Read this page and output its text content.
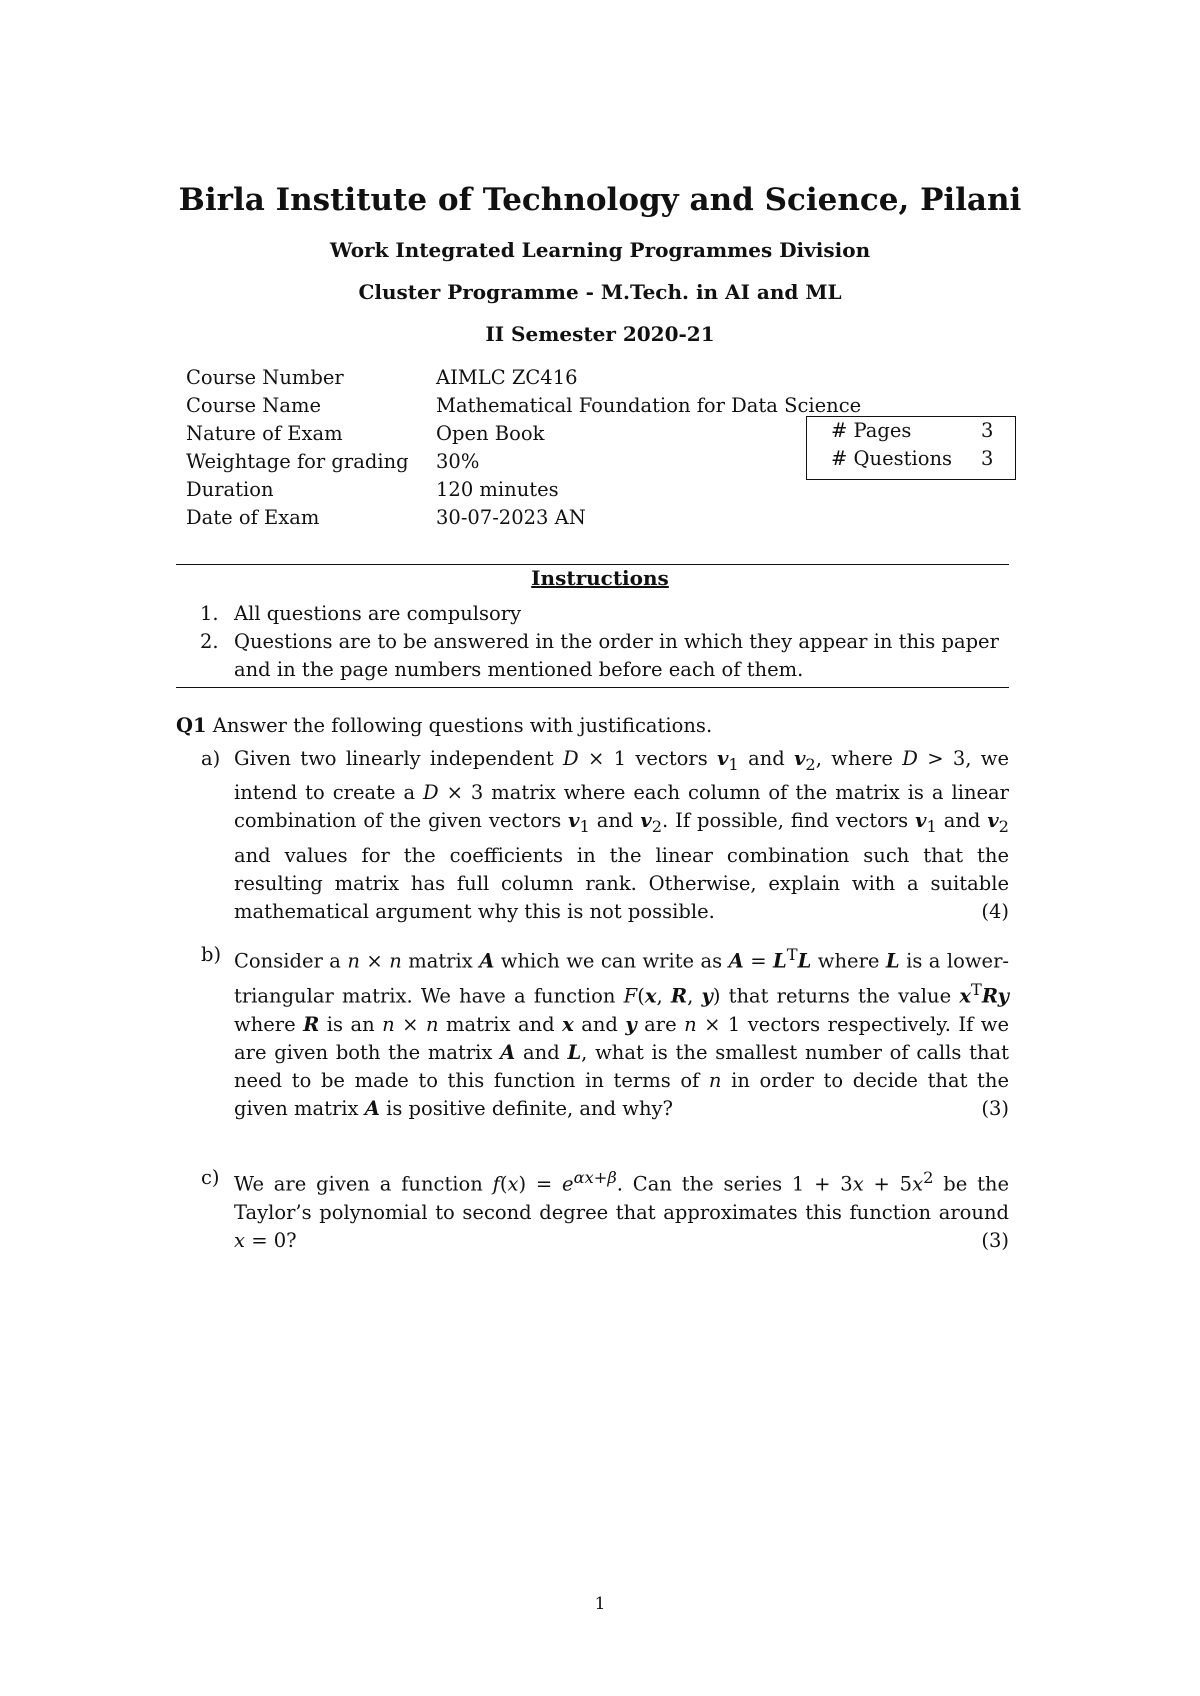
Birla Institute of Technology and Science, Pilani
Work Integrated Learning Programmes Division
Cluster Programme - M.Tech. in AI and ML
II Semester 2020-21
Course Number	AIMLC ZC416
Course Name	Mathematical Foundation for Data Science
Nature of Exam	Open Book
Weightage for grading	30%
Duration	120 minutes
Date of Exam	30-07-2023 AN
# Pages	3
# Questions	3
Instructions
1. All questions are compulsory
2. Questions are to be answered in the order in which they appear in this paper and in the page numbers mentioned before each of them.
Q1 Answer the following questions with justifications.
a) Given two linearly independent D × 1 vectors $v_1$ and $v_2$, where D > 3, we intend to create a D × 3 matrix where each column of the matrix is a linear combination of the given vectors $v_1$ and $v_2$. If possible, find vectors $v_1$ and $v_2$ and values for the coefficients in the linear combination such that the resulting matrix has full column rank. Otherwise, explain with a suitable mathematical argument why this is not possible.	(4)
b) Consider a n × n matrix A which we can write as $A = L^TL$ where L is a lower-triangular matrix. We have a function F(x, R, y) that returns the value $x^TRy$ where R is an n × n matrix and x and y are n × 1 vectors respectively. If we are given both the matrix A and L, what is the smallest number of calls that need to be made to this function in terms of n in order to decide that the given matrix A is positive definite, and why?	(3)
c) We are given a function $f(x) = e^{\alpha x+\beta}$. Can the series $1 + 3x + 5x^2$ be the Taylor’s polynomial to second degree that approximates this function around x = 0?	(3)
1
